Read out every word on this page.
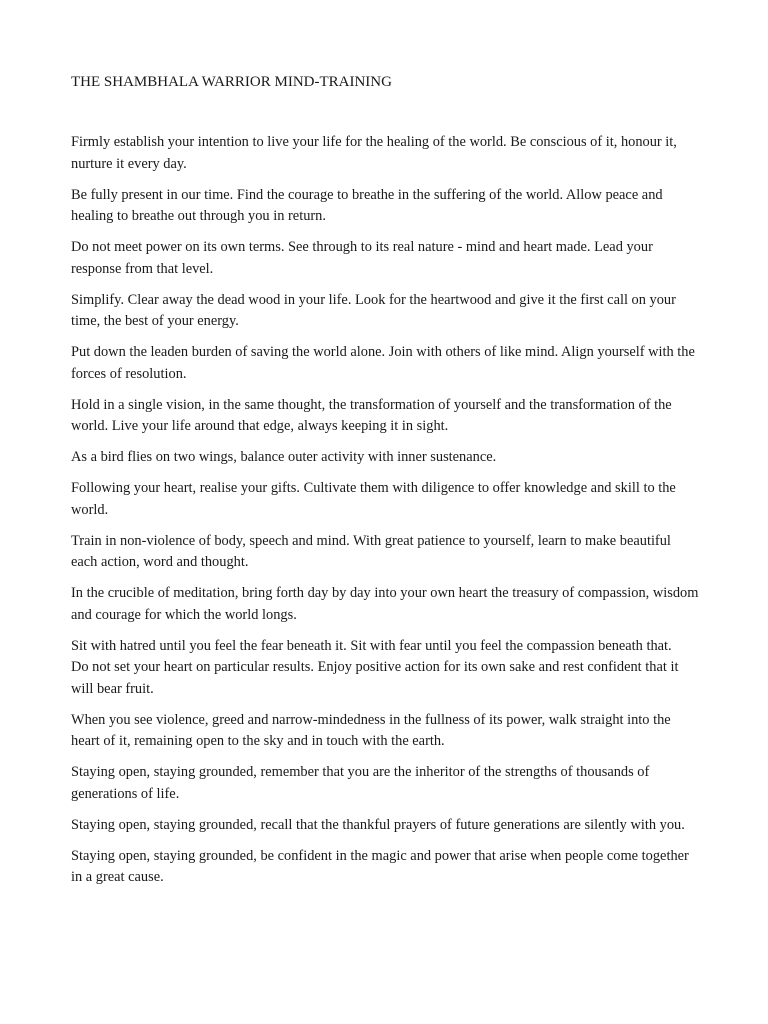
THE SHAMBHALA WARRIOR MIND-TRAINING

Firmly establish your intention to live your life for the healing of the world. Be conscious of it, honour it, nurture it every day.

Be fully present in our time. Find the courage to breathe in the suffering of the world. Allow peace and healing to breathe out through you in return.

Do not meet power on its own terms. See through to its real nature - mind and heart made. Lead your response from that level.

Simplify. Clear away the dead wood in your life. Look for the heartwood and give it the first call on your time, the best of your energy.

Put down the leaden burden of saving the world alone. Join with others of like mind. Align yourself with the forces of resolution.

Hold in a single vision, in the same thought, the transformation of yourself and the transformation of the world. Live your life around that edge, always keeping it in sight.

As a bird flies on two wings, balance outer activity with inner sustenance.

Following your heart, realise your gifts. Cultivate them with diligence to offer knowledge and skill to the world.

Train in non-violence of body, speech and mind. With great patience to yourself, learn to make beautiful each action, word and thought.

In the crucible of meditation, bring forth day by day into your own heart the treasury of compassion, wisdom and courage for which the world longs.

Sit with hatred until you feel the fear beneath it. Sit with fear until you feel the compassion beneath that.

Do not set your heart on particular results. Enjoy positive action for its own sake and rest confident that it will bear fruit.

When you see violence, greed and narrow-mindedness in the fullness of its power, walk straight into the heart of it, remaining open to the sky and in touch with the earth.

Staying open, staying grounded, remember that you are the inheritor of the strengths of thousands of generations of life.

Staying open, staying grounded, recall that the thankful prayers of future generations are silently with you.

Staying open, staying grounded, be confident in the magic and power that arise when people come together in a great cause.
